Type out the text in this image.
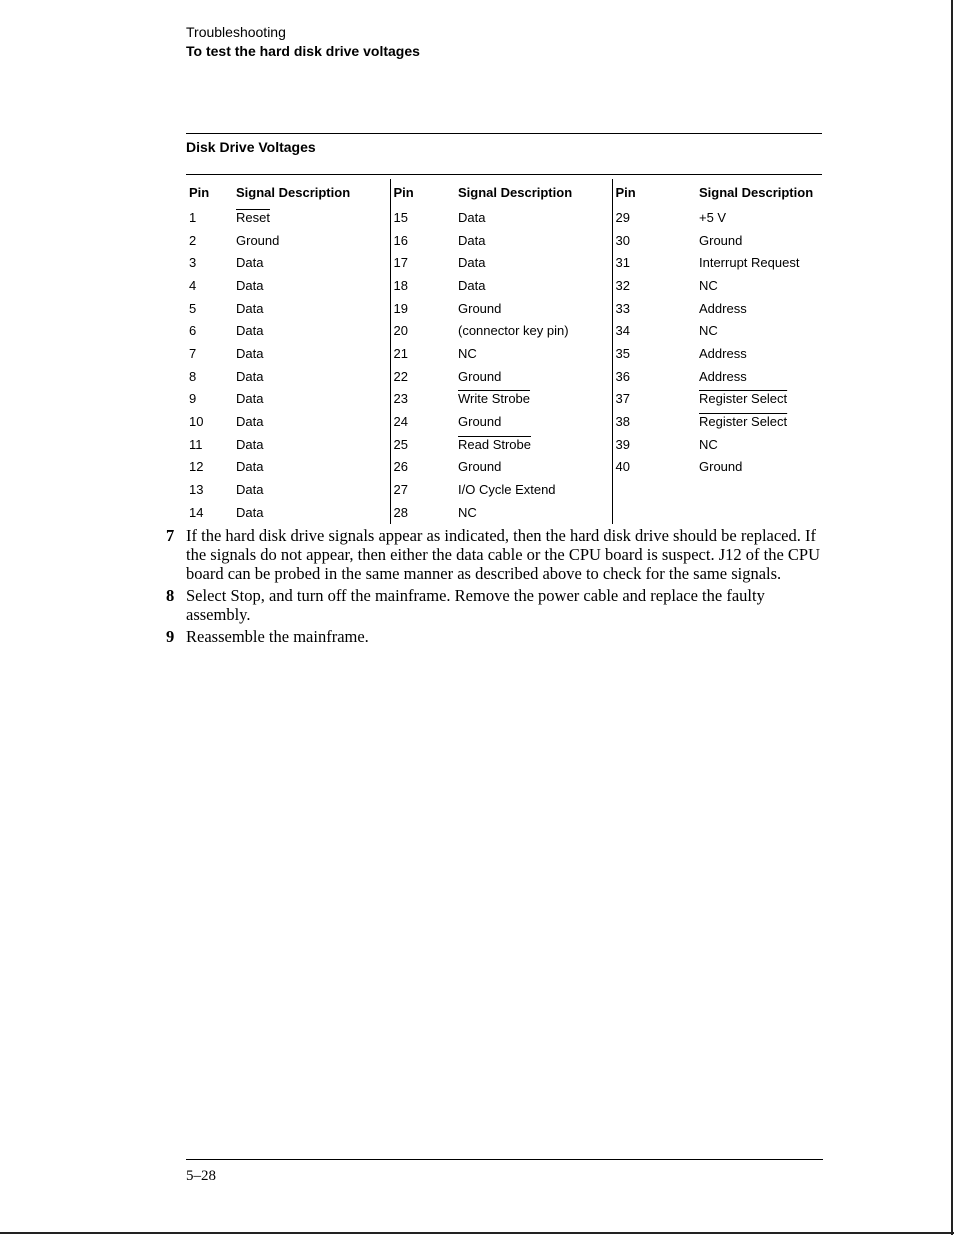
Troubleshooting
To test the hard disk drive voltages
Disk Drive Voltages
Pin	Signal Description	Pin	Signal Description	Pin	Signal Description
1	Reset	15	Data	29	+5 V
2	Ground	16	Data	30	Ground
3	Data	17	Data	31	Interrupt Request
4	Data	18	Data	32	NC
5	Data	19	Ground	33	Address
6	Data	20	(connector key pin)	34	NC
7	Data	21	NC	35	Address
8	Data	22	Ground	36	Address
9	Data	23	Write Strobe	37	Register Select
10	Data	24	Ground	38	Register Select
11	Data	25	Read Strobe	39	NC
12	Data	26	Ground	40	Ground
13	Data	27	I/O Cycle Extend		
14	Data	28	NC		
7 If the hard disk drive signals appear as indicated, then the hard disk drive should be replaced. If the signals do not appear, then either the data cable or the CPU board is suspect. J12 of the CPU board can be probed in the same manner as described above to check for the same signals.
8 Select Stop, and turn off the mainframe. Remove the power cable and replace the faulty assembly.
9 Reassemble the mainframe.
5–28
